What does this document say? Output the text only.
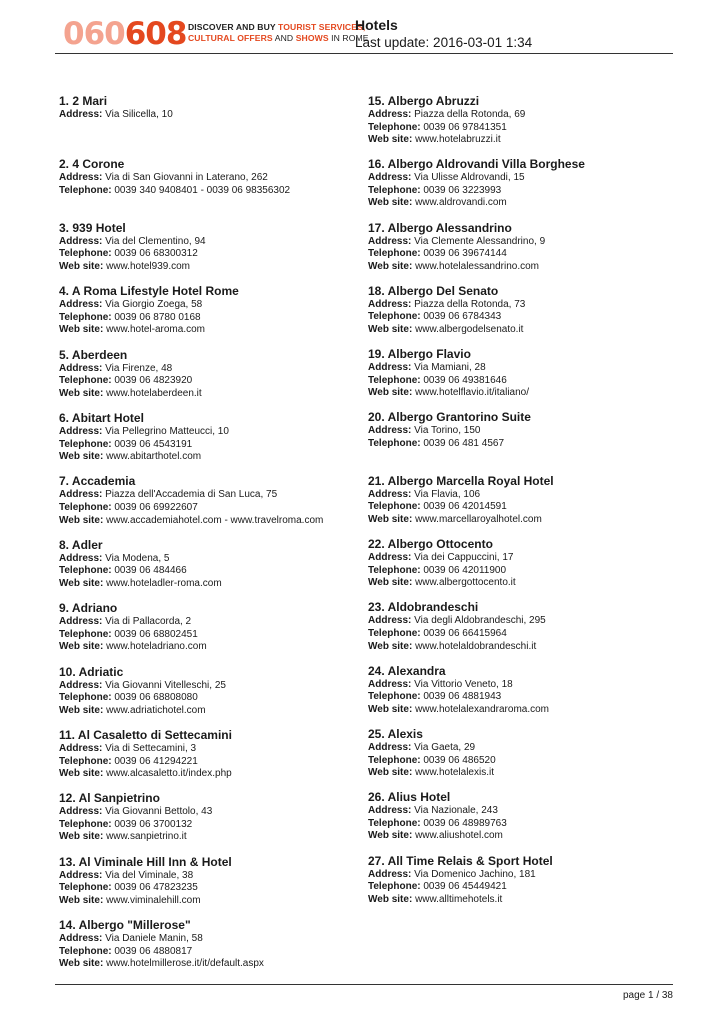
060608 DISCOVER AND BUY TOURIST SERVICES,
CULTURAL OFFERS AND SHOWS IN ROME
Hotels
Last update: 2016-03-01 1:34
1. 2 Mari
Address: Via Silicella, 10
2. 4 Corone
Address: Via di San Giovanni in Laterano, 262
Telephone: 0039 340 9408401 - 0039 06 98356302
3. 939 Hotel
Address: Via del Clementino, 94
Telephone: 0039 06 68300312
Web site: www.hotel939.com
4. A Roma Lifestyle Hotel Rome
Address: Via Giorgio Zoega, 58
Telephone: 0039 06 8780 0168
Web site: www.hotel-aroma.com
5. Aberdeen
Address: Via Firenze, 48
Telephone: 0039 06 4823920
Web site: www.hotelaberdeen.it
6. Abitart Hotel
Address: Via Pellegrino Matteucci, 10
Telephone: 0039 06 4543191
Web site: www.abitarthotel.com
7. Accademia
Address: Piazza dell'Accademia di San Luca, 75
Telephone: 0039 06 69922607
Web site: www.accademiahotel.com - www.travelroma.com
8. Adler
Address: Via Modena, 5
Telephone: 0039 06 484466
Web site: www.hoteladler-roma.com
9. Adriano
Address: Via di Pallacorda, 2
Telephone: 0039 06 68802451
Web site: www.hoteladriano.com
10. Adriatic
Address: Via Giovanni Vitelleschi, 25
Telephone: 0039 06 68808080
Web site: www.adriatichotel.com
11. Al Casaletto di Settecamini
Address: Via di Settecamini, 3
Telephone: 0039 06 41294221
Web site: www.alcasaletto.it/index.php
12. Al Sanpietrino
Address: Via Giovanni Bettolo, 43
Telephone: 0039 06 3700132
Web site: www.sanpietrino.it
13. Al Viminale Hill Inn & Hotel
Address: Via del Viminale, 38
Telephone: 0039 06 47823235
Web site: www.viminalehill.com
14. Albergo "Millerose"
Address: Via Daniele Manin, 58
Telephone: 0039 06 4880817
Web site: www.hotelmillerose.it/it/default.aspx
15. Albergo Abruzzi
Address: Piazza della Rotonda, 69
Telephone: 0039 06 97841351
Web site: www.hotelabruzzi.it
16. Albergo Aldrovandi Villa Borghese
Address: Via Ulisse Aldrovandi, 15
Telephone: 0039 06 3223993
Web site: www.aldrovandi.com
17. Albergo Alessandrino
Address: Via Clemente Alessandrino, 9
Telephone: 0039 06 39674144
Web site: www.hotelalessandrino.com
18. Albergo Del Senato
Address: Piazza della Rotonda, 73
Telephone: 0039 06 6784343
Web site: www.albergodelsenato.it
19. Albergo Flavio
Address: Via Mamiani, 28
Telephone: 0039 06 49381646
Web site: www.hotelflavio.it/italiano/
20. Albergo Grantorino Suite
Address: Via Torino, 150
Telephone: 0039 06 481 4567
21. Albergo Marcella Royal Hotel
Address: Via Flavia, 106
Telephone: 0039 06 42014591
Web site: www.marcellaroyalhotel.com
22. Albergo Ottocento
Address: Via dei Cappuccini, 17
Telephone: 0039 06 42011900
Web site: www.albergottocento.it
23. Aldobrandeschi
Address: Via degli Aldobrandeschi, 295
Telephone: 0039 06 66415964
Web site: www.hotelaldobrandeschi.it
24. Alexandra
Address: Via Vittorio Veneto, 18
Telephone: 0039 06 4881943
Web site: www.hotelalexandraroma.com
25. Alexis
Address: Via Gaeta, 29
Telephone: 0039 06 486520
Web site: www.hotelalexis.it
26. Alius Hotel
Address: Via Nazionale, 243
Telephone: 0039 06 48989763
Web site: www.aliushotel.com
27. All Time Relais & Sport Hotel
Address: Via Domenico Jachino, 181
Telephone: 0039 06 45449421
Web site: www.alltimehotels.it
page 1 / 38
